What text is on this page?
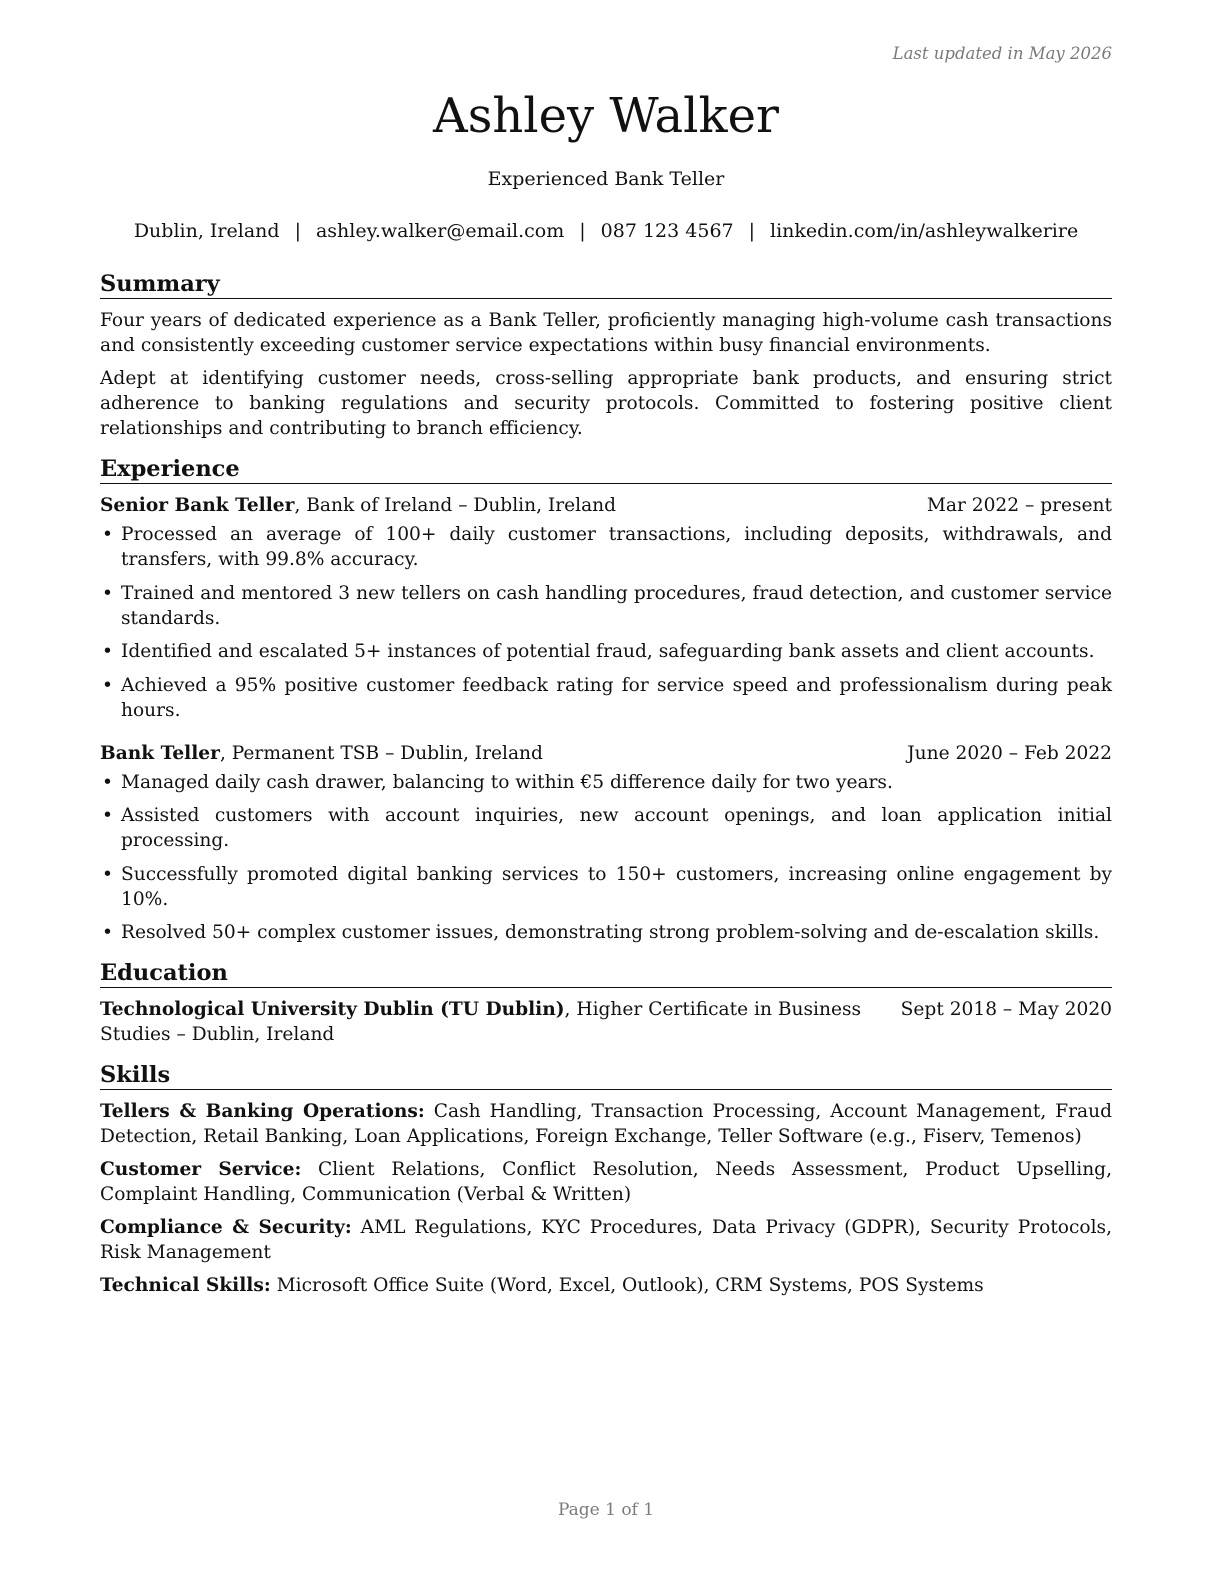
Last updated in May 2026
Ashley Walker
Experienced Bank Teller
Dublin, Ireland | ashley.walker@email.com | 087 123 4567 | linkedin.com/in/ashleywalkerire
Summary

Four years of dedicated experience as a Bank Teller, proficiently managing high-volume cash transactions and consistently exceeding customer service expectations within busy financial environments.

Adept at identifying customer needs, cross-selling appropriate bank products, and ensuring strict adherence to banking regulations and security protocols. Committed to fostering positive client relationships and contributing to branch efficiency.

Experience
Senior Bank Teller, Bank of Ireland – Dublin, Ireland	Mar 2022 – present
• Processed an average of 100+ daily customer transactions, including deposits, withdrawals, and transfers, with 99.8% accuracy.
• Trained and mentored 3 new tellers on cash handling procedures, fraud detection, and customer service standards.
• Identified and escalated 5+ instances of potential fraud, safeguarding bank assets and client accounts.
• Achieved a 95% positive customer feedback rating for service speed and professionalism during peak hours.
Bank Teller, Permanent TSB – Dublin, Ireland	June 2020 – Feb 2022
• Managed daily cash drawer, balancing to within €5 difference daily for two years.
• Assisted customers with account inquiries, new account openings, and loan application initial processing.
• Successfully promoted digital banking services to 150+ customers, increasing online engagement by 10%.
• Resolved 50+ complex customer issues, demonstrating strong problem-solving and de-escalation skills.
Education
Technological University Dublin (TU Dublin), Higher Certificate in Business Studies – Dublin, Ireland
Sept 2018 – May 2020
Skills

Tellers & Banking Operations: Cash Handling, Transaction Processing, Account Management, Fraud Detection, Retail Banking, Loan Applications, Foreign Exchange, Teller Software (e.g., Fiserv, Temenos)

Customer Service: Client Relations, Conflict Resolution, Needs Assessment, Product Upselling, Complaint Handling, Communication (Verbal & Written)

Compliance & Security: AML Regulations, KYC Procedures, Data Privacy (GDPR), Security Protocols, Risk Management

Technical Skills: Microsoft Office Suite (Word, Excel, Outlook), CRM Systems, POS Systems

Page 1 of 1
